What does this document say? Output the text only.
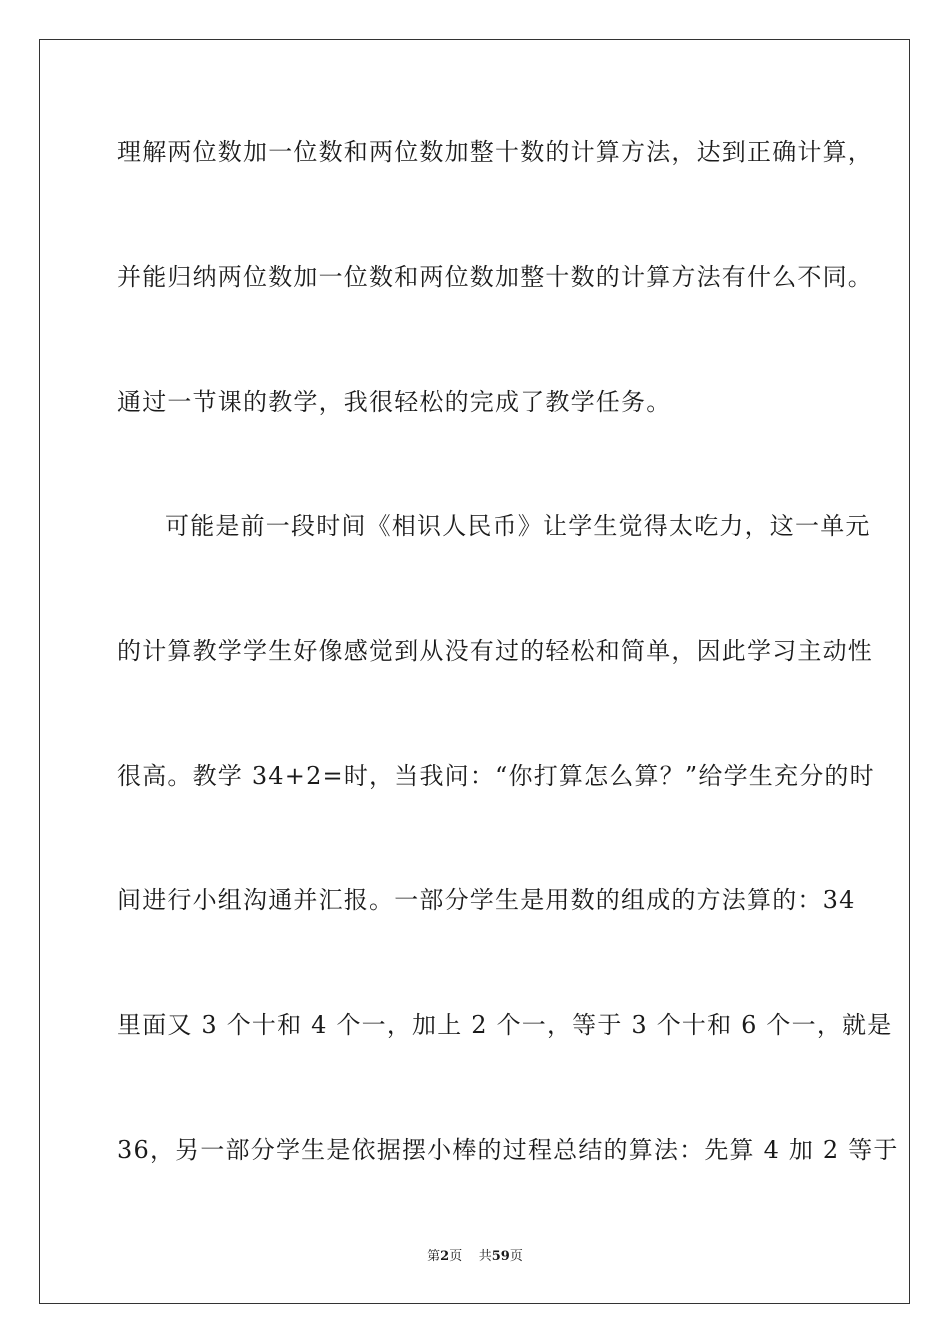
理解两位数加一位数和两位数加整十数的计算方法，达到正确计算，
并能归纳两位数加一位数和两位数加整十数的计算方法有什么不同。
通过一节课的教学，我很轻松的完成了教学任务。
可能是前一段时间《相识人民币》让学生觉得太吃力，这一单元
的计算教学学生好像感觉到从没有过的轻松和简单，因此学习主动性
很高。教学 34+2=时，当我问：“你打算怎么算？”给学生充分的时
间进行小组沟通并汇报。一部分学生是用数的组成的方法算的：34
里面又 3 个十和 4 个一，加上 2 个一，等于 3 个十和 6 个一，就是
36，另一部分学生是依据摆小棒的过程总结的算法：先算 4 加 2 等于
第2页 共59页
